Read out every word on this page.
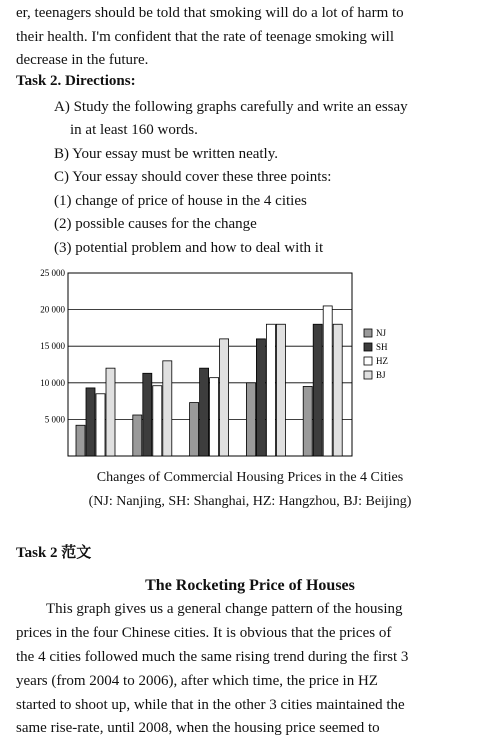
er, teenagers should be told that smoking will do a lot of harm to
their health. I'm confident that the rate of teenage smoking will
decrease in the future.
Task 2. Directions:
A) Study the following graphs carefully and write an essay
in at least 160 words.
B) Your essay must be written neatly.
C) Your essay should cover these three points:
(1) change of price of house in the 4 cities
(2) possible causes for the change
(3) potential problem and how to deal with it
25 000
20 000
15 000
10 000
5 000
NJ
SH
HZ
BJ
Changes of Commercial Housing Prices in the 4 Cities
(NJ: Nanjing, SH: Shanghai, HZ: Hangzhou, BJ: Beijing)
Task 2 范文
The Rocketing Price of Houses
This graph gives us a general change pattern of the housing
prices in the four Chinese cities. It is obvious that the prices of
the 4 cities followed much the same rising trend during the first 3
years (from 2004 to 2006), after which time, the price in HZ
started to shoot up, while that in the other 3 cities maintained the
same rise-rate, until 2008, when the housing price seemed to
